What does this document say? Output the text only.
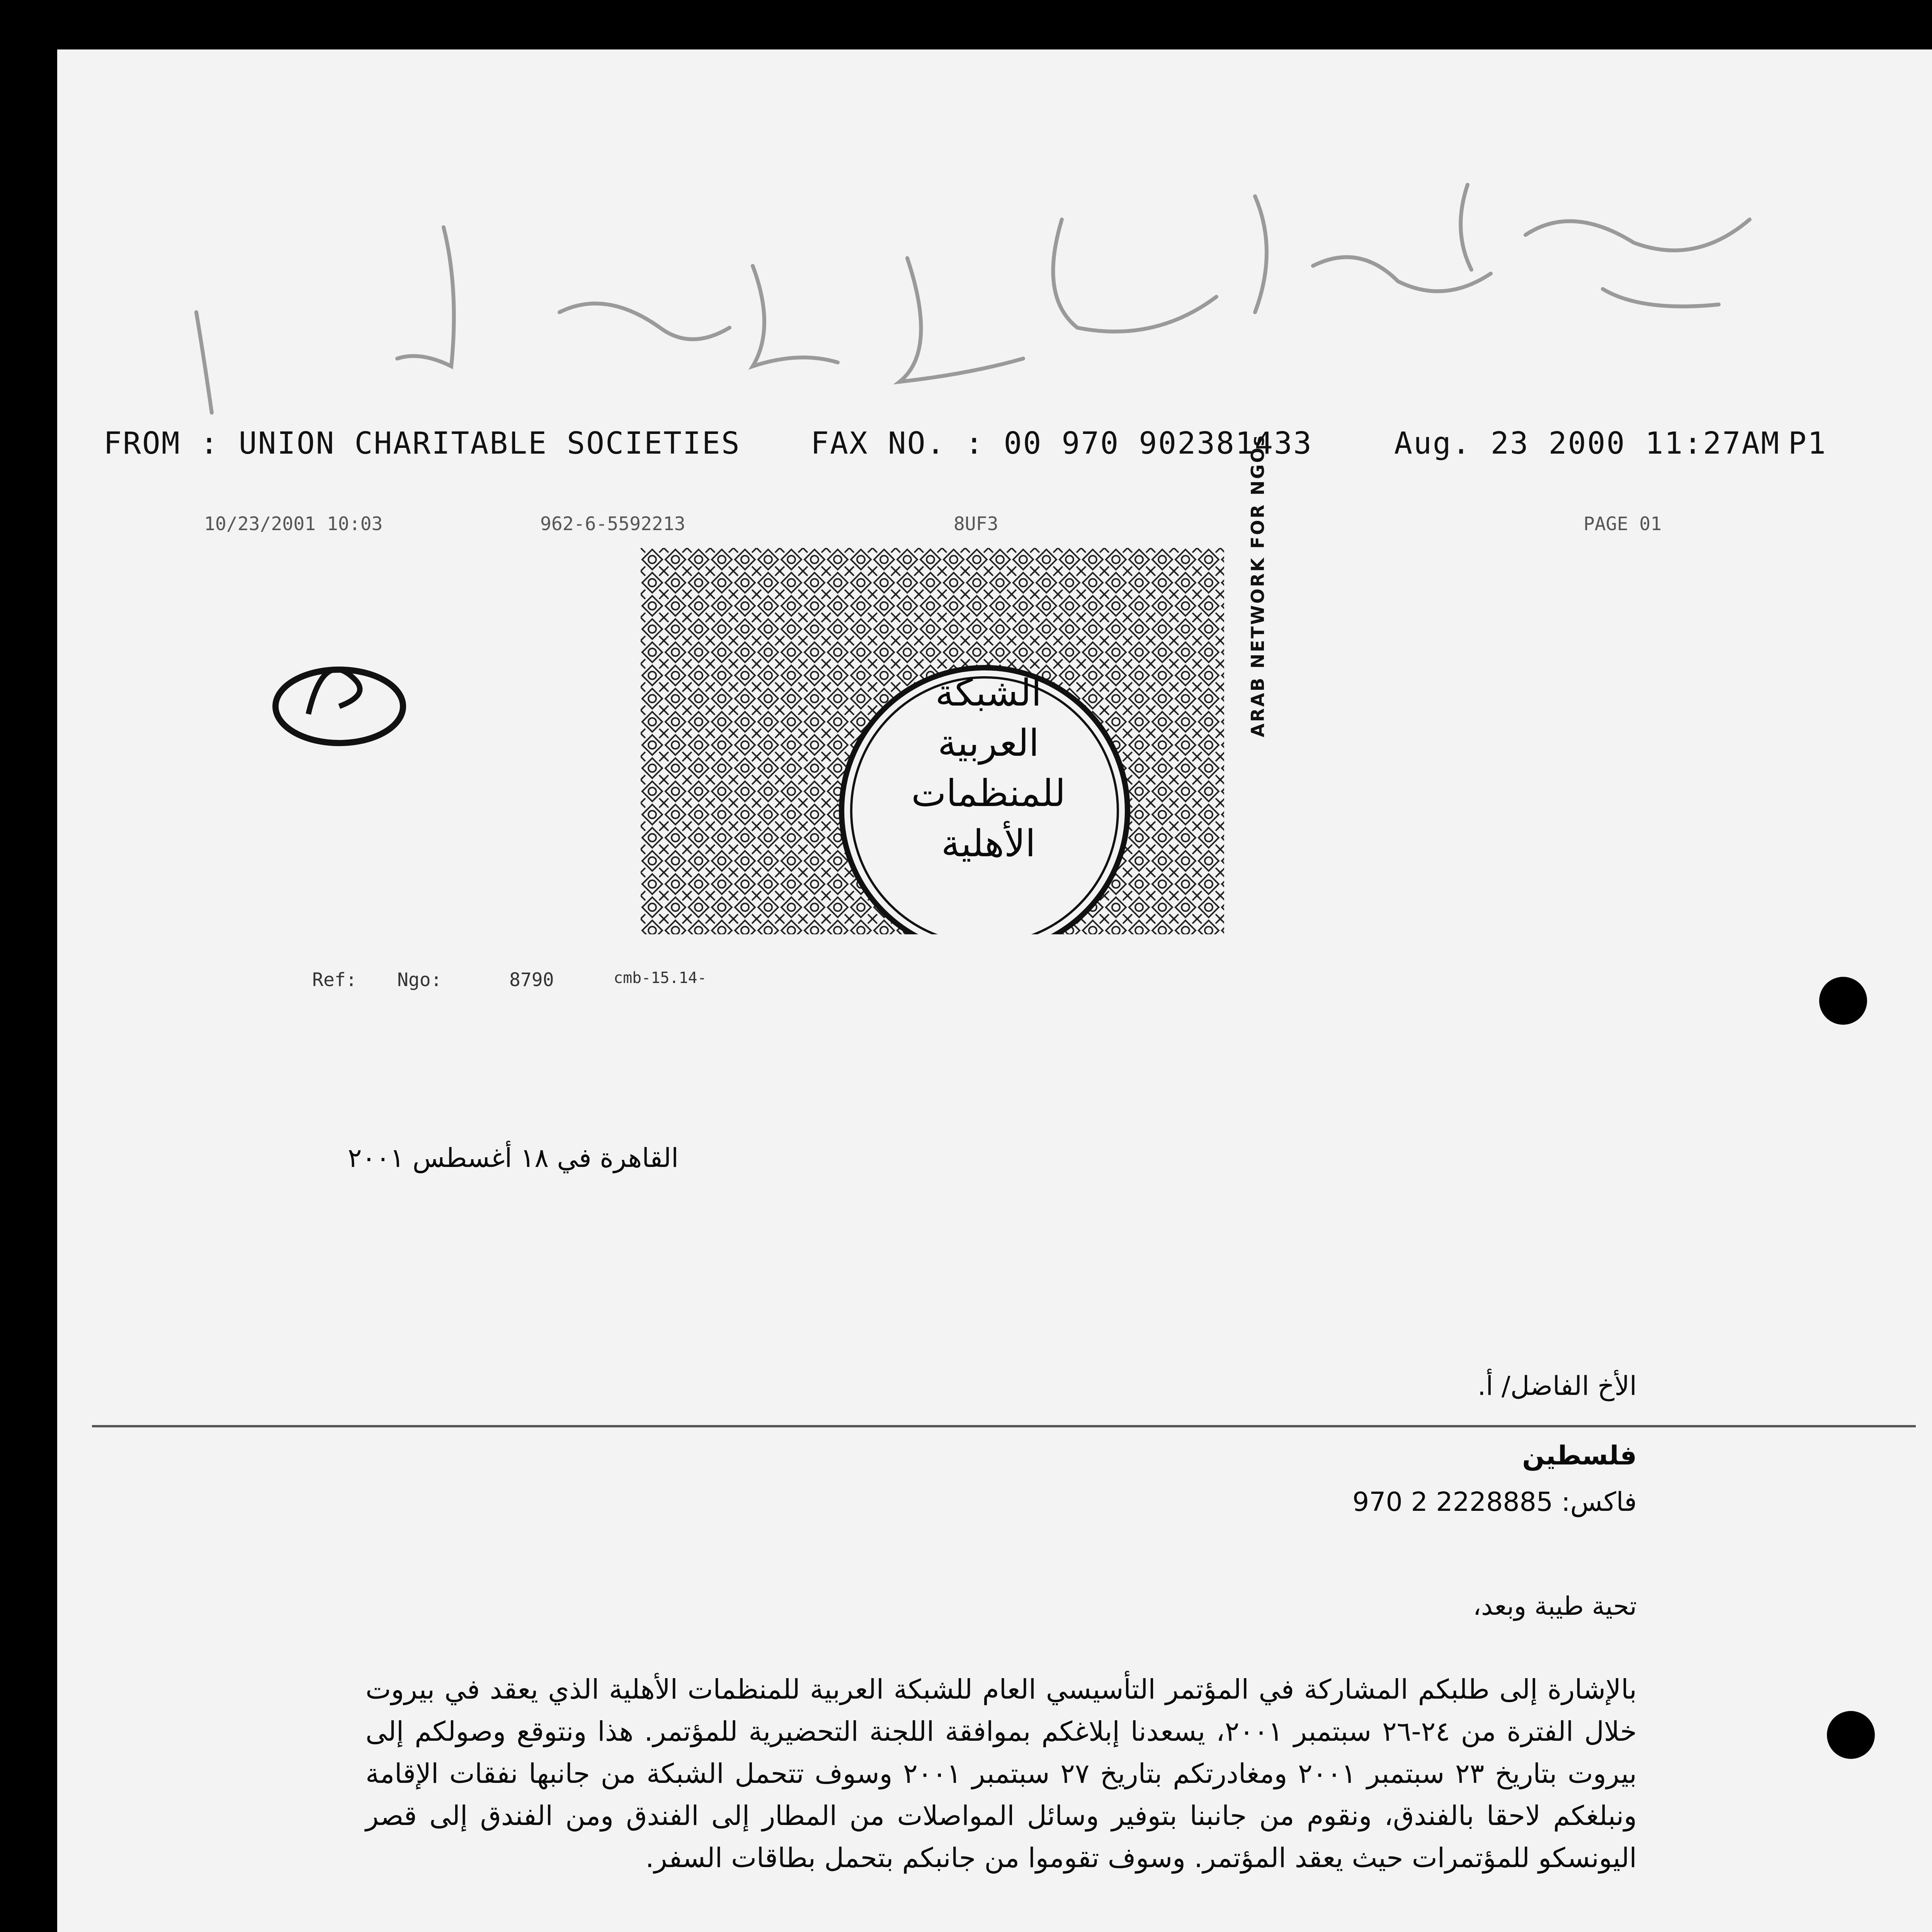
FROM : UNION CHARITABLE SOCIETIES FAX NO. : 00 970 902381433	Aug. 23 2000 11:27AM P1
10/23/2001 10:03	962-6-5592213	8UF3	PAGE 01
الشبكة
العربية
للمنظمات
الأهلية
ARAB NETWORK FOR NGOs
Ref: Ngo:	8790	cmb-15.14-
القاهرة في ١٨ أغسطس ٢٠٠١
الأخ الفاضل/ أ.
فلسطين
فاكس: 970 2 2228885
تحية طيبة وبعد،
بالإشارة إلى طلبكم المشاركة في المؤتمر التأسيسي العام للشبكة العربية للمنظمات الأهلية الذي يعقد في بيروت خلال الفترة من ٢٤-٢٦ سبتمبر ٢٠٠١، يسعدنا إبلاغكم بموافقة اللجنة التحضيرية للمؤتمر. هذا ونتوقع وصولكم إلى بيروت بتاريخ ٢٣ سبتمبر ٢٠٠١ ومغادرتكم بتاريخ ٢٧ سبتمبر ٢٠٠١ وسوف تتحمل الشبكة من جانبها نفقات الإقامة ونبلغكم لاحقا بالفندق، ونقوم من جانبنا بتوفير وسائل المواصلات من المطار إلى الفندق ومن الفندق إلى قصر اليونسكو للمؤتمرات حيث يعقد المؤتمر. وسوف تقوموا من جانبكم بتحمل بطاقات السفر.
